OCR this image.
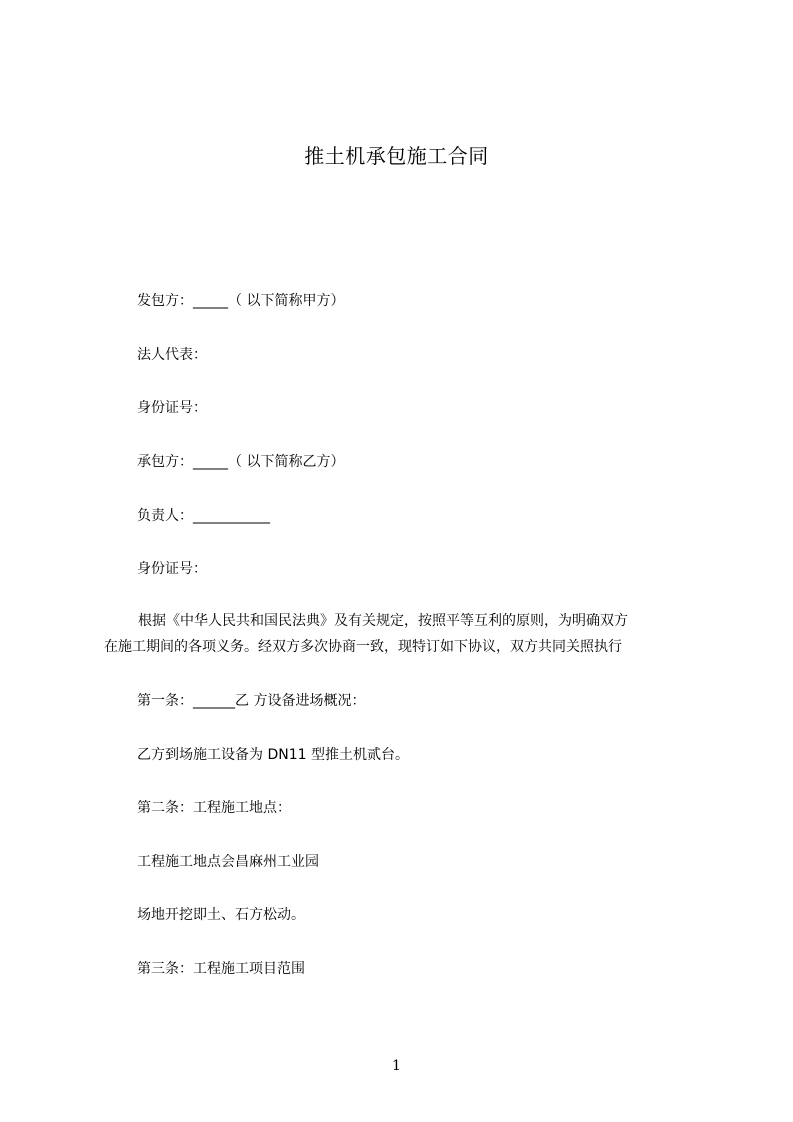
推土机承包施工合同
发包方：_____（ 以下简称甲方）
法人代表：
身份证号：
承包方：_____（ 以下简称乙方）
负责人：___________
身份证号：
根据《中华人民共和国民法典》及有关规定，按照平等互利的原则，为明确双方
在施工期间的各项义务。经双方多次协商一致，现特订如下协议，双方共同关照执行
第一条：______乙 方设备进场概况：
乙方到场施工设备为 DN11 型推土机贰台。
第二条：工程施工地点：
工程施工地点会昌麻州工业园
场地开挖即土、石方松动。
第三条：工程施工项目范围
1
